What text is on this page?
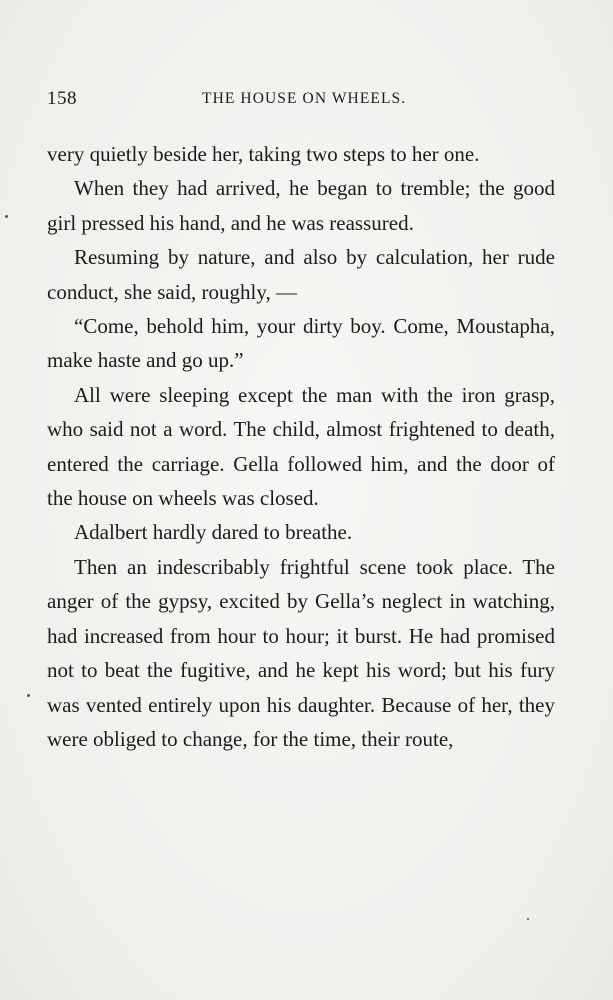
158	THE HOUSE ON WHEELS.

very quietly beside her, taking two steps to her one.

When they had arrived, he began to tremble; the good girl pressed his hand, and he was reassured.

Resuming by nature, and also by calculation, her rude conduct, she said, roughly, —

“Come, behold him, your dirty boy. Come, Moustapha, make haste and go up.”

All were sleeping except the man with the iron grasp, who said not a word. The child, almost frightened to death, entered the carriage. Gella followed him, and the door of the house on wheels was closed.

Adalbert hardly dared to breathe.

Then an indescribably frightful scene took place. The anger of the gypsy, excited by Gella’s neglect in watching, had increased from hour to hour; it burst. He had promised not to beat the fugitive, and he kept his word; but his fury was vented entirely upon his daughter. Because of her, they were obliged to change, for the time, their route,
